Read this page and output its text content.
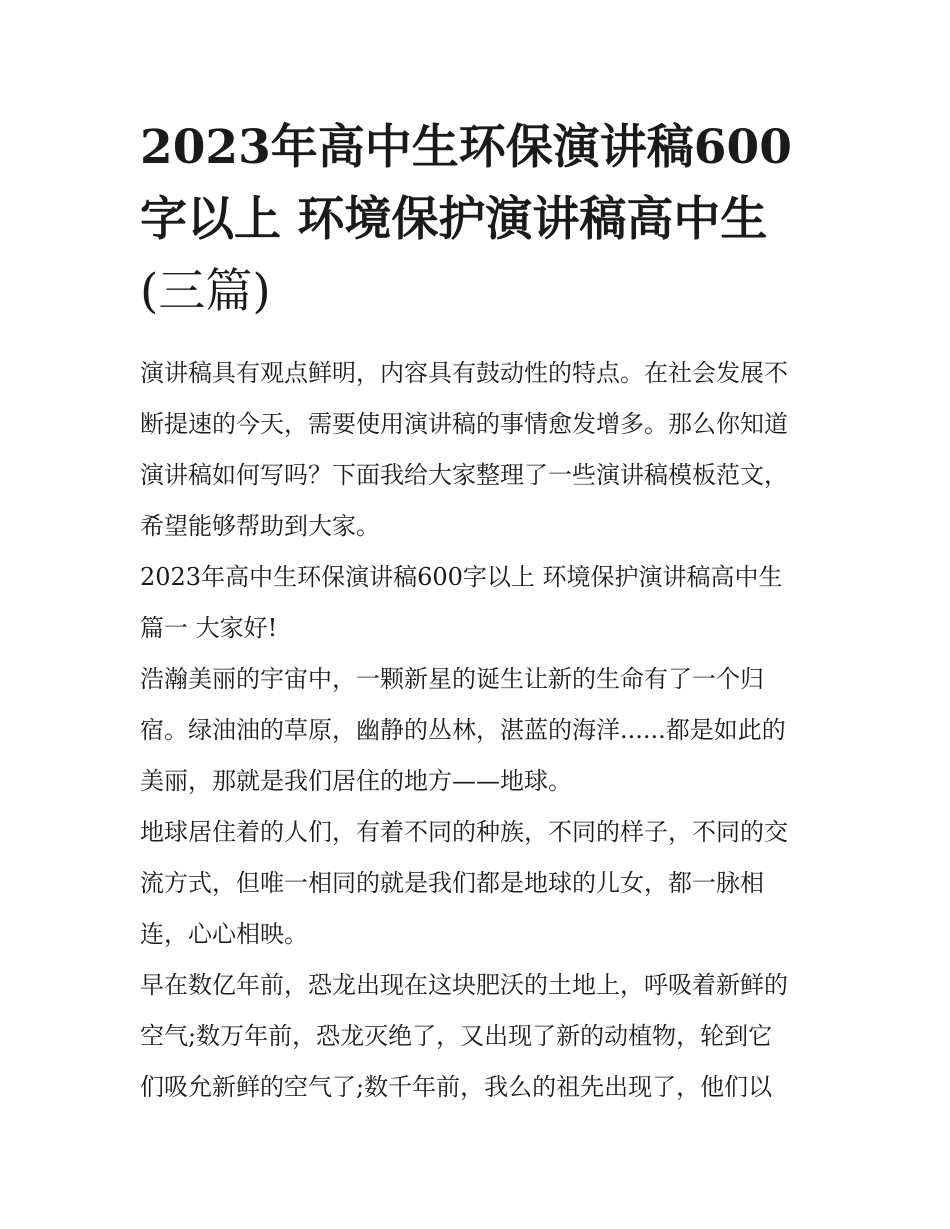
2023年高中生环保演讲稿600
字以上 环境保护演讲稿高中生
(三篇)

演讲稿具有观点鲜明，内容具有鼓动性的特点。在社会发展不
断提速的今天，需要使用演讲稿的事情愈发增多。那么你知道
演讲稿如何写吗？下面我给大家整理了一些演讲稿模板范文，
希望能够帮助到大家。

2023年高中生环保演讲稿600字以上 环境保护演讲稿高中生
篇一 大家好!

浩瀚美丽的宇宙中，一颗新星的诞生让新的生命有了一个归
宿。绿油油的草原，幽静的丛林，湛蓝的海洋......都是如此的
美丽，那就是我们居住的地方——地球。

地球居住着的人们，有着不同的种族，不同的样子，不同的交
流方式，但唯一相同的就是我们都是地球的儿女，都一脉相
连，心心相映。

早在数亿年前，恐龙出现在这块肥沃的土地上，呼吸着新鲜的
空气;数万年前，恐龙灭绝了，又出现了新的动植物，轮到它
们吸允新鲜的空气了;数千年前，我么的祖先出现了，他们以
